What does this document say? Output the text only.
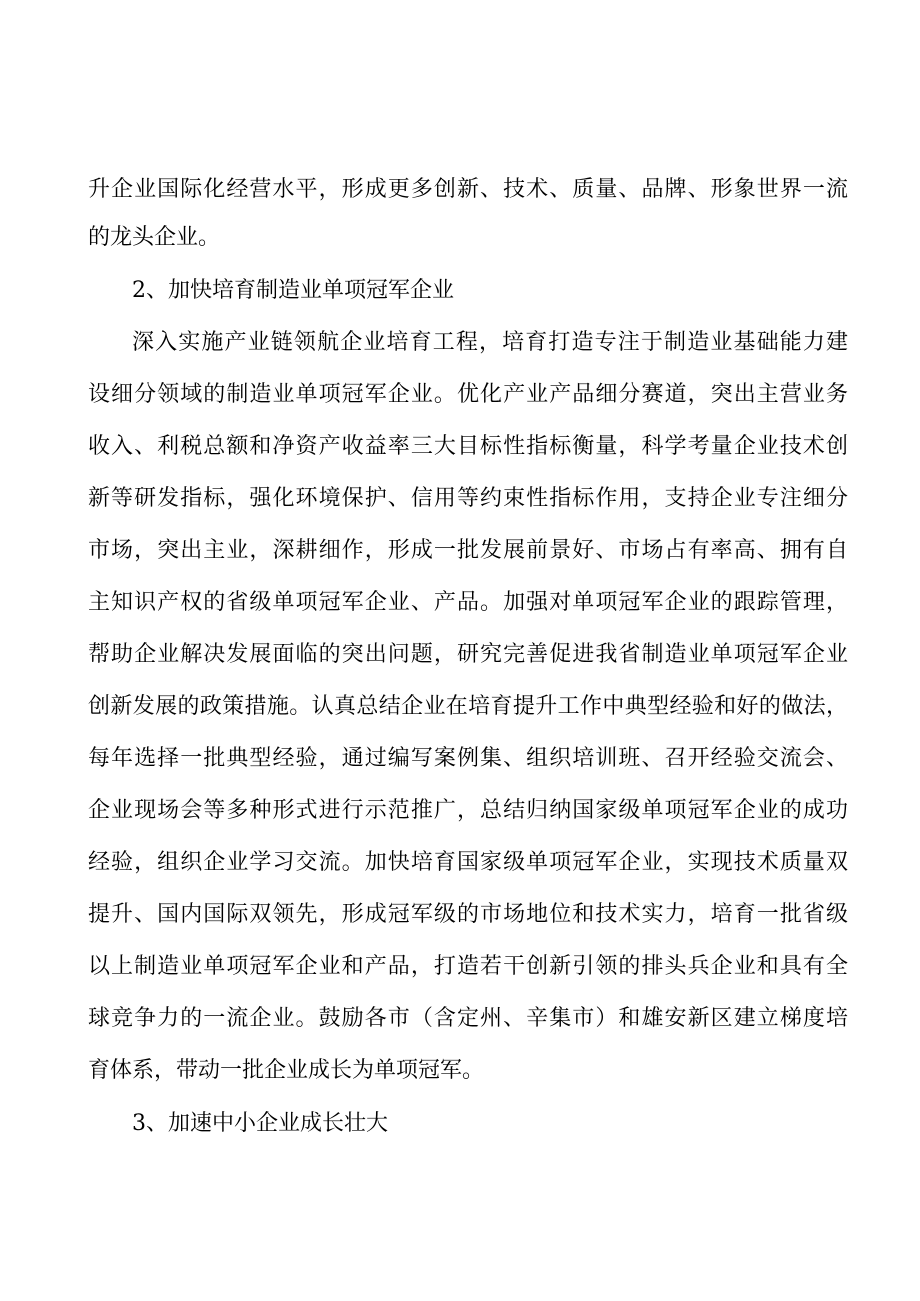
升企业国际化经营水平，形成更多创新、技术、质量、品牌、形象世界一流
的龙头企业。
2、加快培育制造业单项冠军企业
深入实施产业链领航企业培育工程，培育打造专注于制造业基础能力建
设细分领域的制造业单项冠军企业。优化产业产品细分赛道，突出主营业务
收入、利税总额和净资产收益率三大目标性指标衡量，科学考量企业技术创
新等研发指标，强化环境保护、信用等约束性指标作用，支持企业专注细分
市场，突出主业，深耕细作，形成一批发展前景好、市场占有率高、拥有自
主知识产权的省级单项冠军企业、产品。加强对单项冠军企业的跟踪管理，
帮助企业解决发展面临的突出问题，研究完善促进我省制造业单项冠军企业
创新发展的政策措施。认真总结企业在培育提升工作中典型经验和好的做法，
每年选择一批典型经验，通过编写案例集、组织培训班、召开经验交流会、
企业现场会等多种形式进行示范推广，总结归纳国家级单项冠军企业的成功
经验，组织企业学习交流。加快培育国家级单项冠军企业，实现技术质量双
提升、国内国际双领先，形成冠军级的市场地位和技术实力，培育一批省级
以上制造业单项冠军企业和产品，打造若干创新引领的排头兵企业和具有全
球竞争力的一流企业。鼓励各市（含定州、辛集市）和雄安新区建立梯度培
育体系，带动一批企业成长为单项冠军。
3、加速中小企业成长壮大
